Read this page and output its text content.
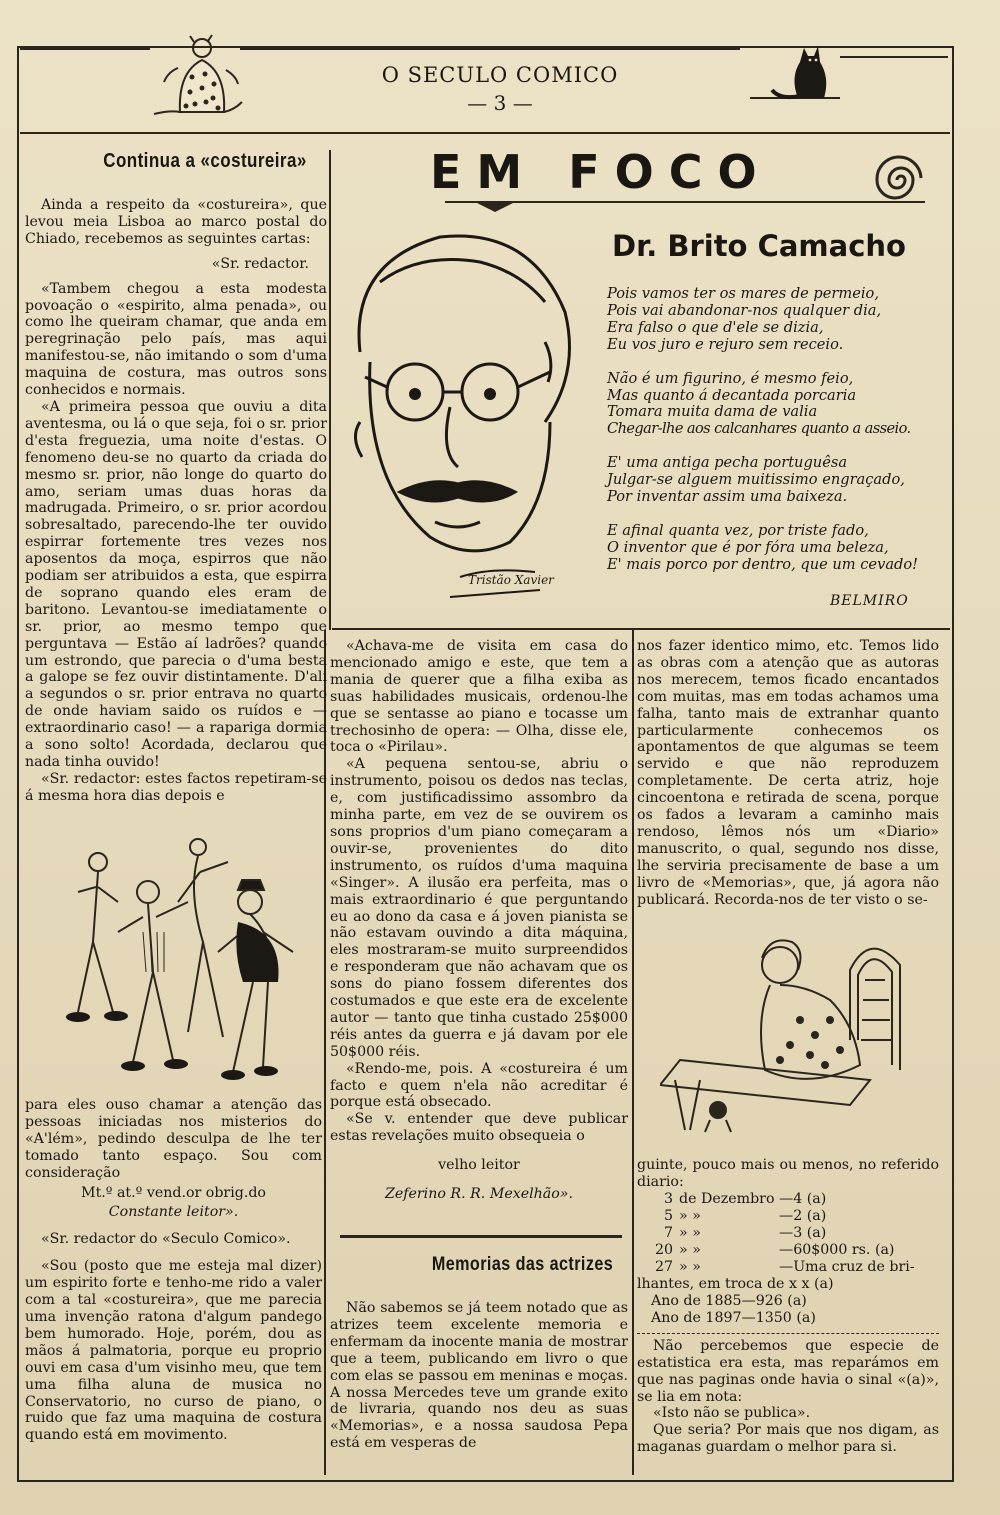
O SECULO COMICO
— 3 —
Continua a «costureira»

Ainda a respeito da «costureira», que levou meia Lisboa ao marco postal do Chiado, recebemos as seguintes cartas:

«Sr. redactor.

«Tambem chegou a esta modesta povoação o «espirito, alma penada», ou como lhe queiram chamar, que anda em peregrinação pelo país, mas aqui manifestou-se, não imitando o som d'uma maquina de costura, mas outros sons conhecidos e normais.

«A primeira pessoa que ouviu a dita aventesma, ou lá o que seja, foi o sr. prior d'esta freguezia, uma noite d'estas. O fenomeno deu-se no quarto da criada do mesmo sr. prior, não longe do quarto do amo, seriam umas duas horas da madrugada. Primeiro, o sr. prior acordou sobresaltado, parecendo-lhe ter ouvido espirrar fortemente tres vezes nos aposentos da moça, espirros que não podiam ser atribuidos a esta, que espirra de soprano quando eles eram de baritono. Levantou-se imediatamente o sr. prior, ao mesmo tempo que perguntava — Estão aí ladrões? quando um estrondo, que parecia o d'uma besta a galope se fez ouvir distintamente. D'ali a segundos o sr. prior entrava no quarto de onde haviam saido os ruídos e — extraordinario caso! — a rapariga dormia a sono solto! Acordada, declarou que nada tinha ouvido!

«Sr. redactor: estes factos repetiram-se á mesma hora dias depois e

para eles ouso chamar a atenção das pessoas iniciadas nos misterios do «A'lém», pedindo desculpa de lhe ter tomado tanto espaço. Sou com consideração

Mt.º at.º vend.or obrig.do

Constante leitor».

«Sr. redactor do «Seculo Comico».

«Sou (posto que me esteja mal dizer) um espirito forte e tenho-me rido a valer com a tal «costureira», que me parecia uma invenção ratona d'algum pandego bem humorado. Hoje, porém, dou as mãos á palmatoria, porque eu proprio ouvi em casa d'um visinho meu, que tem uma filha aluna de musica no Conservatorio, no curso de piano, o ruido que faz uma maquina de costura quando está em movimento.

EM FOCO
Tristão Xavier
Dr. Brito Camacho
Pois vamos ter os mares de permeio,
Pois vai abandonar-nos qualquer dia,
Era falso o que d'ele se dizia,
Eu vos juro e rejuro sem receio.
Não é um figurino, é mesmo feio,
Mas quanto á decantada porcaria
Tomara muita dama de valia
Chegar-lhe aos calcanhares quanto a asseio.
E' uma antiga pecha portuguêsa
Julgar-se alguem muitissimo engraçado,
Por inventar assim uma baixeza.
E afinal quanta vez, por triste fado,
O inventor que é por fóra uma beleza,
E' mais porco por dentro, que um cevado!
BELMIRO

«Achava-me de visita em casa do mencionado amigo e este, que tem a mania de querer que a filha exiba as suas habilidades musicais, ordenou-lhe que se sentasse ao piano e tocasse um trechosinho de opera: — Olha, disse ele, toca o «Pirilau».

«A pequena sentou-se, abriu o instrumento, poisou os dedos nas teclas, e, com justificadissimo assombro da minha parte, em vez de se ouvirem os sons proprios d'um piano começaram a ouvir-se, provenientes do dito instrumento, os ruídos d'uma maquina «Singer». A ilusão era perfeita, mas o mais extraordinario é que perguntando eu ao dono da casa e á joven pianista se não estavam ouvindo a dita máquina, eles mostraram-se muito surpreendidos e responderam que não achavam que os sons do piano fossem diferentes dos costumados e que este era de excelente autor — tanto que tinha custado 25$000 réis antes da guerra e já davam por ele 50$000 réis.

«Rendo-me, pois. A «costureira é um facto e quem n'ela não acreditar é porque está obsecado.

«Se v. entender que deve publicar estas revelações muito obsequeia o

velho leitor

Zeferino R. R. Mexelhão».

Memorias das actrizes

Não sabemos se já teem notado que as atrizes teem excelente memoria e enfermam da inocente mania de mostrar que a teem, publicando em livro o que com elas se passou em meninas e moças. A nossa Mercedes teve um grande exito de livraria, quando nos deu as suas «Memorias», e a nossa saudosa Pepa está em vesperas de

nos fazer identico mimo, etc. Temos lido as obras com a atenção que as autoras nos merecem, temos ficado encantados com muitas, mas em todas achamos uma falha, tanto mais de extranhar quanto particularmente conhecemos os apontamentos de que algumas se teem servido e que não reproduzem completamente. De certa atriz, hoje cincoentona e retirada de scena, porque os fados a levaram a caminho mais rendoso, lêmos nós um «Diario» manuscrito, o qual, segundo nos disse, lhe serviria precisamente de base a um livro de «Memorias», que, já agora não publicará. Recorda-nos de ter visto o se-

guinte, pouco mais ou menos, no referido diario:

3 de Dezembro —4 (a)
5 » »	—2 (a)
7 » »	—3 (a)
20 » »	—60$000 rs. (a)
27 » »	—Uma cruz de bri-
lhantes, em troca de x x (a)
Ano de 1885—926 (a)
Ano de 1897—1350 (a)

Não percebemos que especie de estatistica era esta, mas reparámos em que nas paginas onde havia o sinal «(a)», se lia em nota:

«Isto não se publica».

Que seria? Por mais que nos digam, as maganas guardam o melhor para si.
